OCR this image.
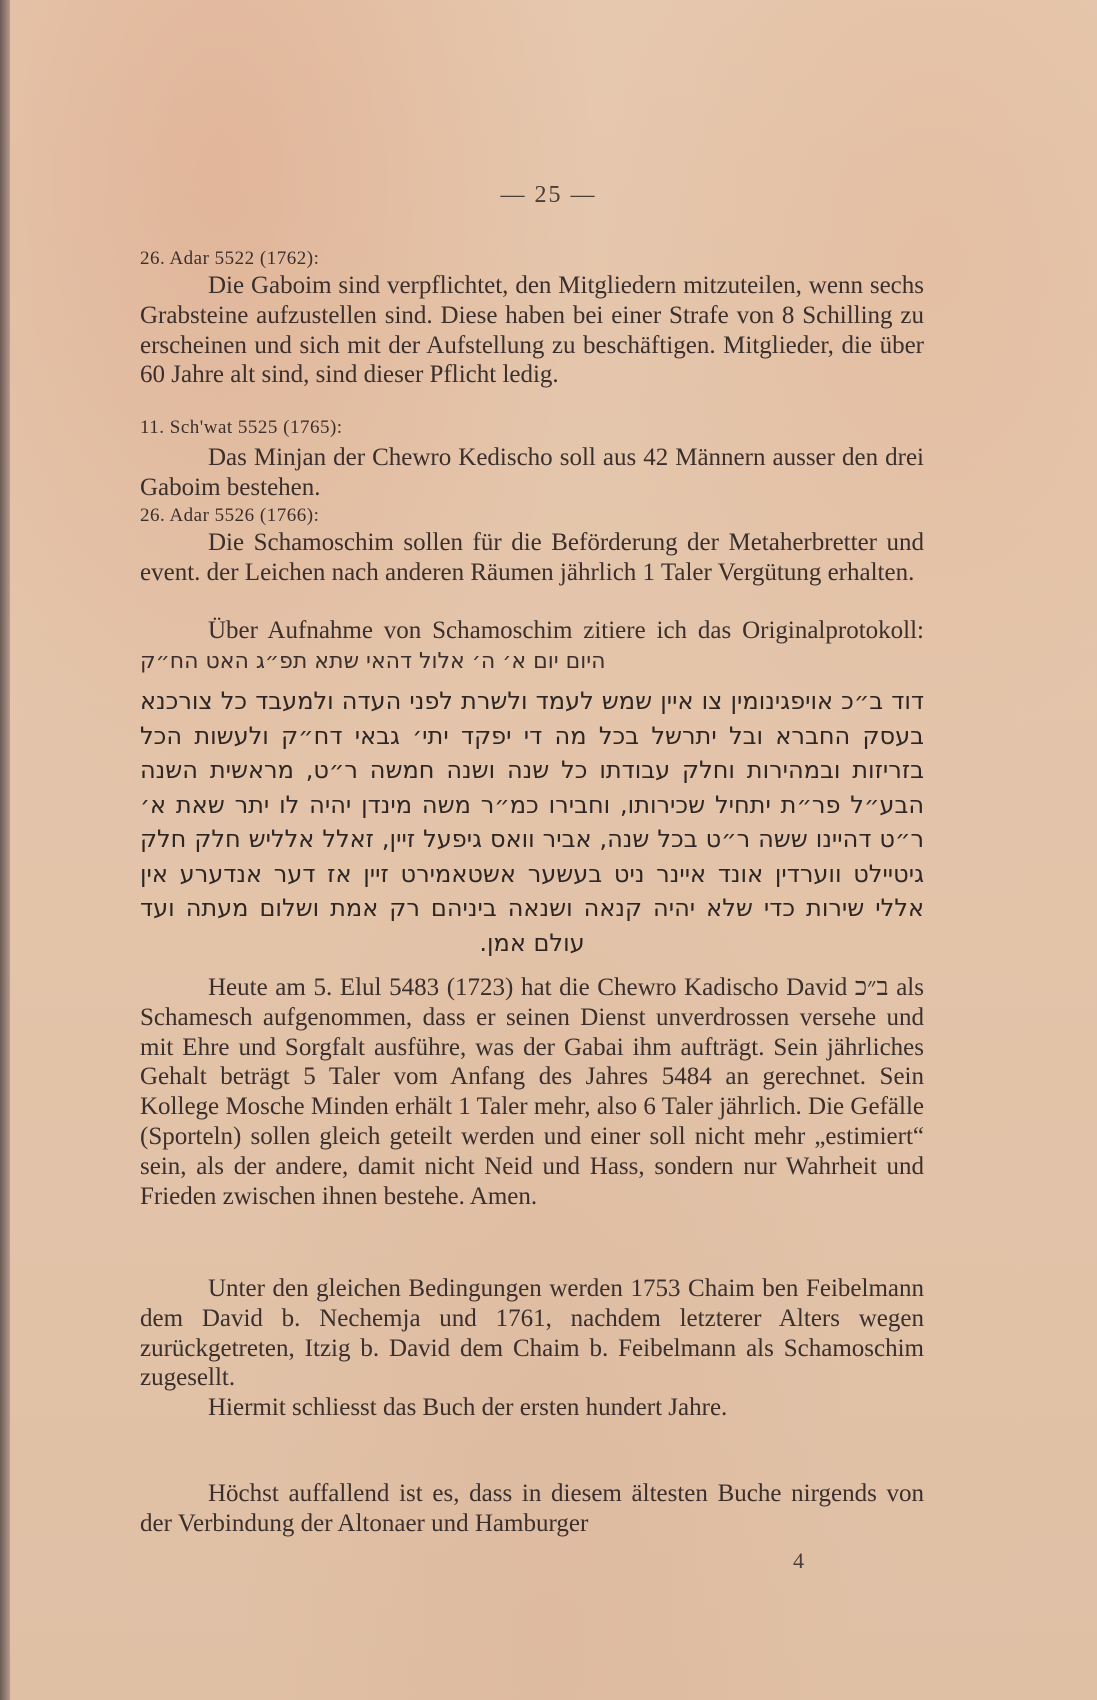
— 25 —
26. Adar 5522 (1762):

Die Gaboim sind verpflichtet, den Mitgliedern mitzuteilen, wenn sechs Grabsteine aufzustellen sind. Diese haben bei einer Strafe von 8 Schilling zu erscheinen und sich mit der Aufstellung zu beschäftigen. Mitglieder, die über 60 Jahre alt sind, sind dieser Pflicht ledig.

11. Sch'wat 5525 (1765):

Das Minjan der Chewro Kedischo soll aus 42 Männern ausser den drei Gaboim bestehen.

26. Adar 5526 (1766):

Die Schamoschim sollen für die Beförderung der Metaherbretter und event. der Leichen nach anderen Räumen jährlich 1 Taler Vergütung erhalten.

Über Aufnahme von Schamoschim zitiere ich das Originalprotokoll: היום יום א׳ ה׳ אלול דהאי שתא תפ״ג האט הח״ק

דוד ב״כ אויפגינומין צו איין שמש לעמד ולשרת לפני העדה ולמעבד כל צורכנא בעסק החברא ובל יתרשל בכל מה די יפקד יתי׳ גבאי דח״ק ולעשות הכל בזריזות ובמהירות וחלק עבודתו כל שנה ושנה חמשה ר״ט, מראשית השנה הבע״ל פר״ת יתחיל שכירותו, וחבירו כמ״ר משה מינדן יהיה לו יתר שאת א׳ ר״ט דהיינו ששה ר״ט בכל שנה, אביר וואס גיפעל זיין, זאלל אלליש חלק חלק גיטיילט ווערדין אונד איינר ניט בעשער אשטאמירט זיין אז דער אנדערע אין אללי שירות כדי שלא יהיה קנאה ושנאה ביניהם רק אמת ושלום מעתה ועד עולם אמן.

Heute am 5. Elul 5483 (1723) hat die Chewro Kadischo David ב״כ als Schamesch aufgenommen, dass er seinen Dienst unverdrossen versehe und mit Ehre und Sorgfalt ausführe, was der Gabai ihm aufträgt. Sein jährliches Gehalt beträgt 5 Taler vom Anfang des Jahres 5484 an gerechnet. Sein Kollege Mosche Minden erhält 1 Taler mehr, also 6 Taler jährlich. Die Gefälle (Sporteln) sollen gleich geteilt werden und einer soll nicht mehr „estimiert“ sein, als der andere, damit nicht Neid und Hass, sondern nur Wahrheit und Frieden zwischen ihnen bestehe. Amen.

Unter den gleichen Bedingungen werden 1753 Chaim ben Feibelmann dem David b. Nechemja und 1761, nachdem letzterer Alters wegen zurückgetreten, Itzig b. David dem Chaim b. Feibelmann als Schamoschim zugesellt.

Hiermit schliesst das Buch der ersten hundert Jahre.

Höchst auffallend ist es, dass in diesem ältesten Buche nirgends von der Verbindung der Altonaer und Hamburger

4
